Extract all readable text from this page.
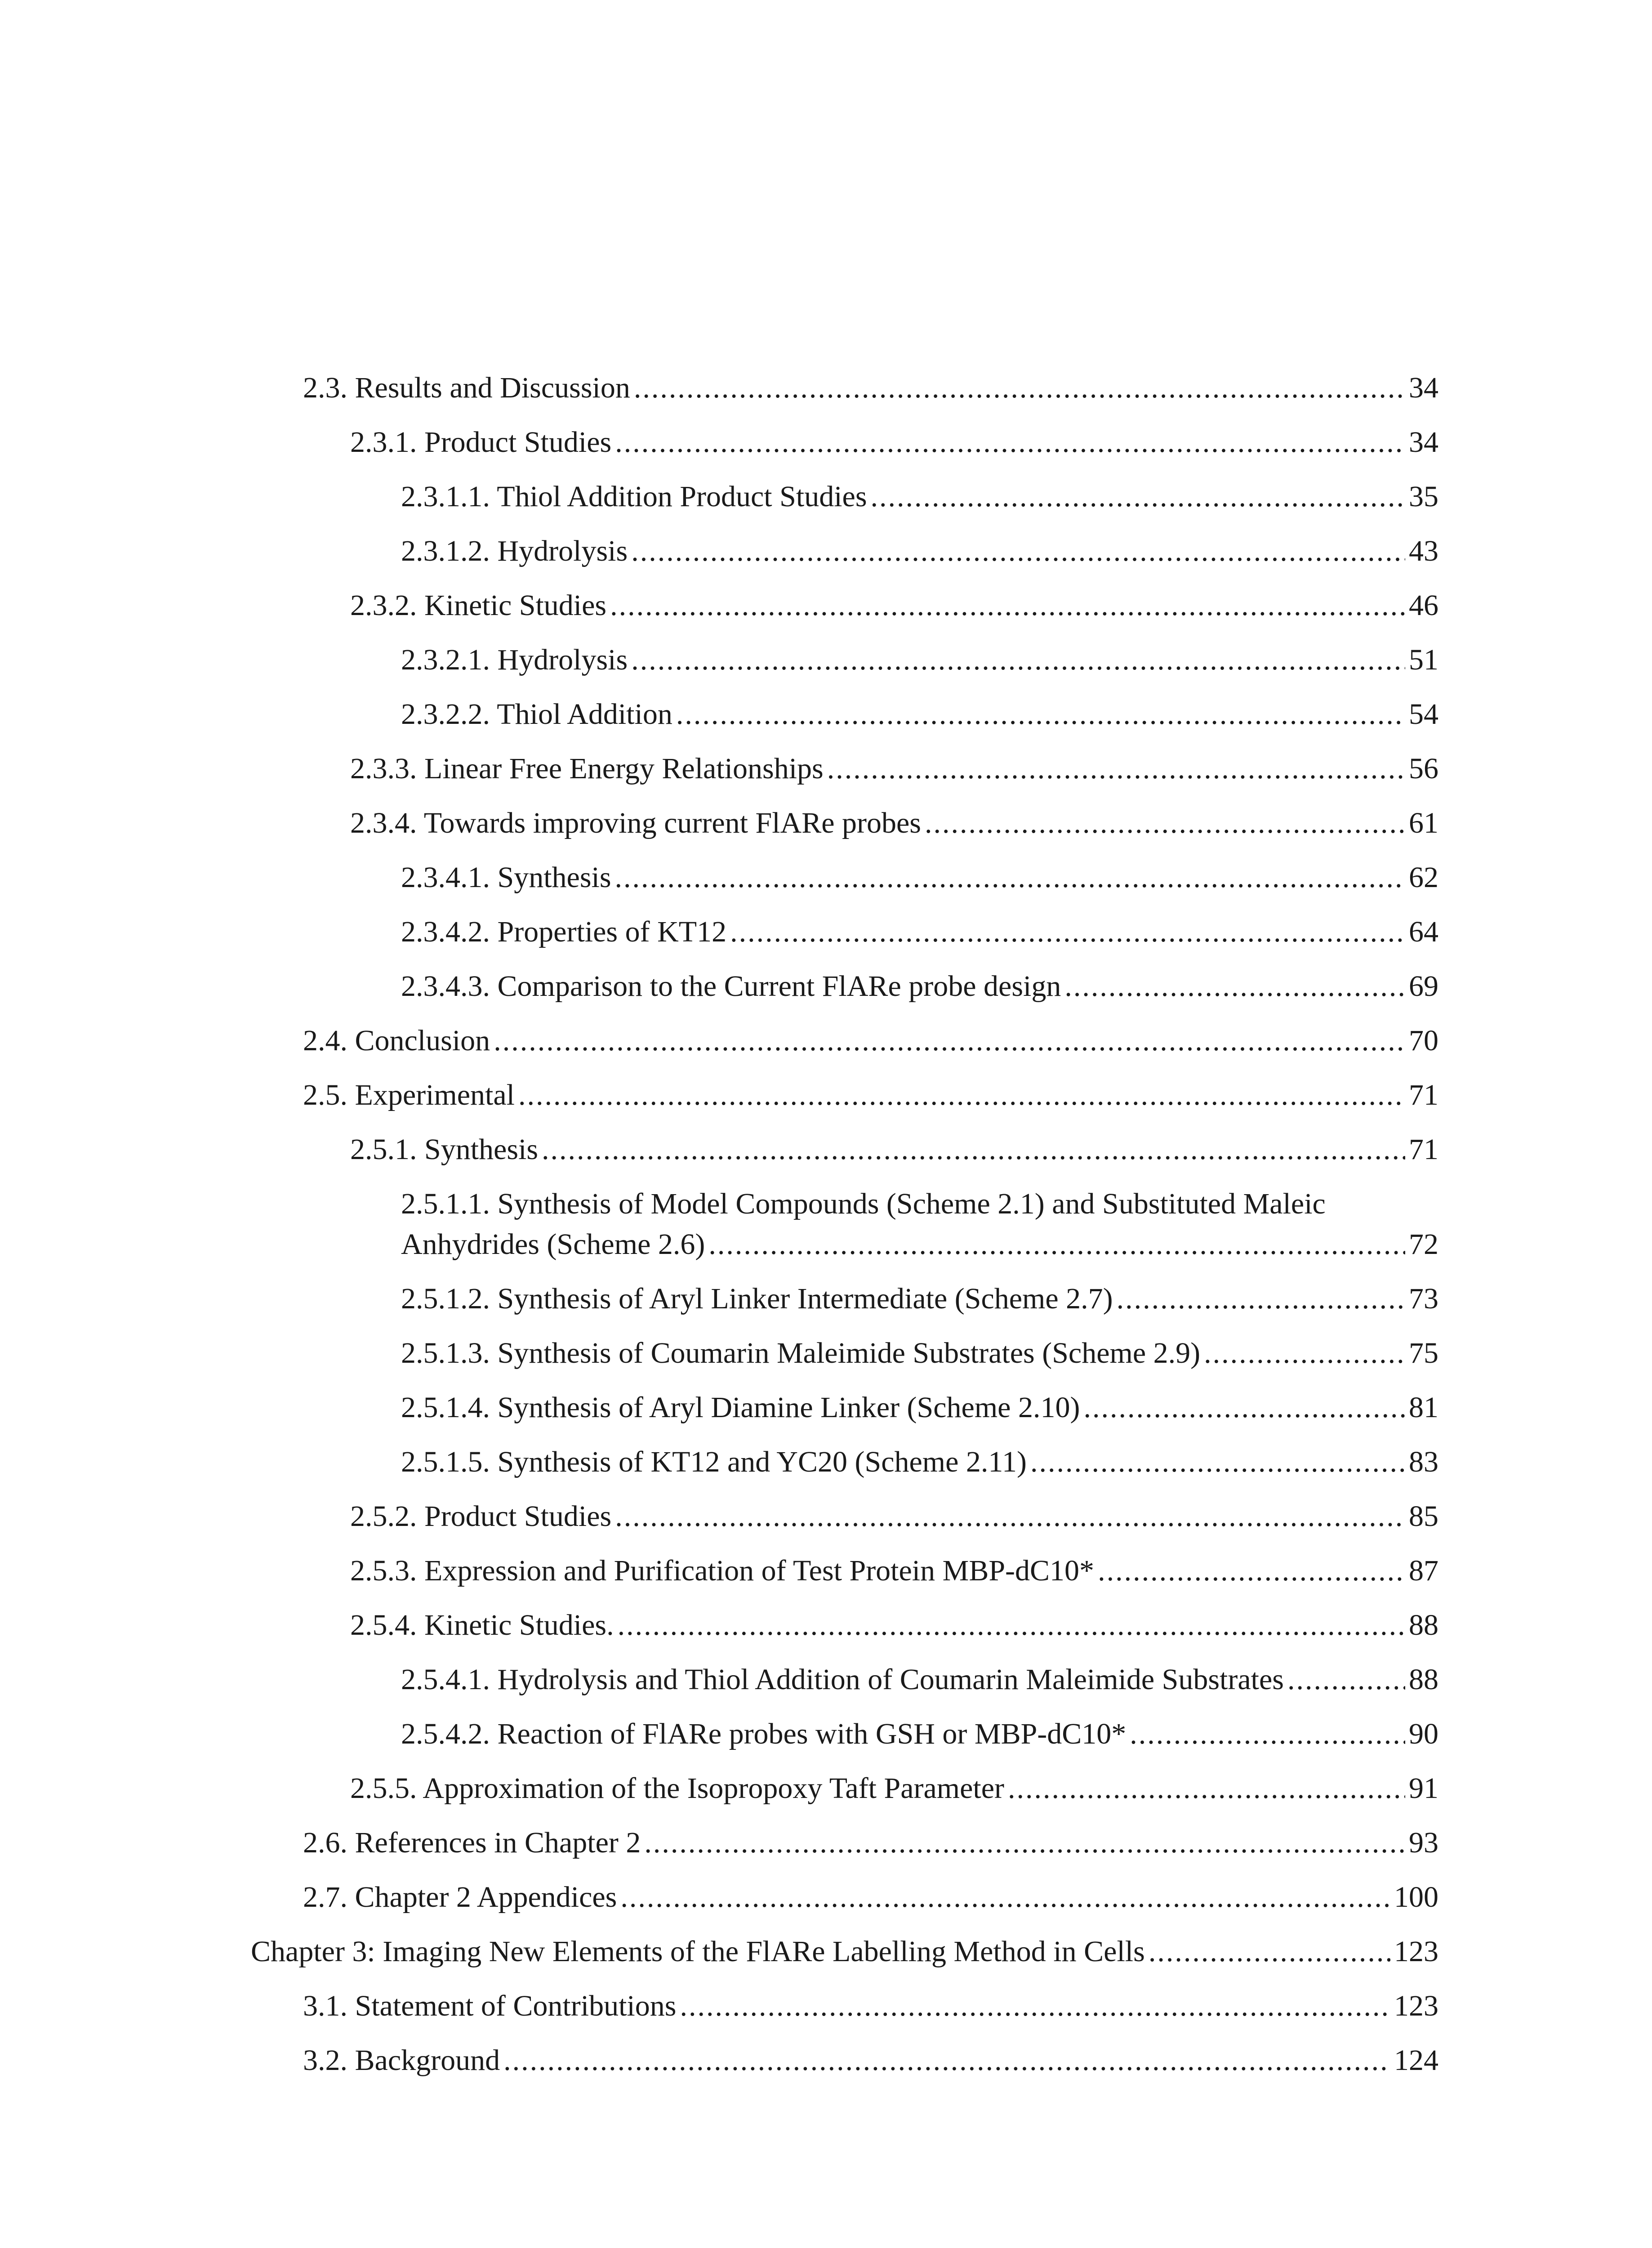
2.3. Results and Discussion .....	34
2.3.1. Product Studies .....	34
2.3.1.1. Thiol Addition Product Studies .....	35
2.3.1.2. Hydrolysis .....	43
2.3.2. Kinetic Studies .....	46
2.3.2.1. Hydrolysis .....	51
2.3.2.2. Thiol Addition .....	54
2.3.3. Linear Free Energy Relationships .....	56
2.3.4. Towards improving current FlARe probes .....	61
2.3.4.1. Synthesis .....	62
2.3.4.2. Properties of KT12 .....	64
2.3.4.3. Comparison to the Current FlARe probe design .....	69
2.4. Conclusion .....	70
2.5. Experimental .....	71
2.5.1. Synthesis .....	71
2.5.1.1. Synthesis of Model Compounds (Scheme 2.1) and Substituted Maleic
Anhydrides (Scheme 2.6) .....	72
2.5.1.2. Synthesis of Aryl Linker Intermediate (Scheme 2.7) .....	73
2.5.1.3. Synthesis of Coumarin Maleimide Substrates (Scheme 2.9) .....	75
2.5.1.4. Synthesis of Aryl Diamine Linker (Scheme 2.10) .....	81
2.5.1.5. Synthesis of KT12 and YC20 (Scheme 2.11) .....	83
2.5.2. Product Studies .....	85
2.5.3. Expression and Purification of Test Protein MBP-dC10* .....	87
2.5.4. Kinetic Studies. .....	88
2.5.4.1. Hydrolysis and Thiol Addition of Coumarin Maleimide Substrates .....	88
2.5.4.2. Reaction of FlARe probes with GSH or MBP-dC10* .....	90
2.5.5. Approximation of the Isopropoxy Taft Parameter .....	91
2.6. References in Chapter 2 .....	93
2.7. Chapter 2 Appendices .....	100
Chapter 3: Imaging New Elements of the FlARe Labelling Method in Cells .....	123
3.1. Statement of Contributions .....	123
3.2. Background .....	124
